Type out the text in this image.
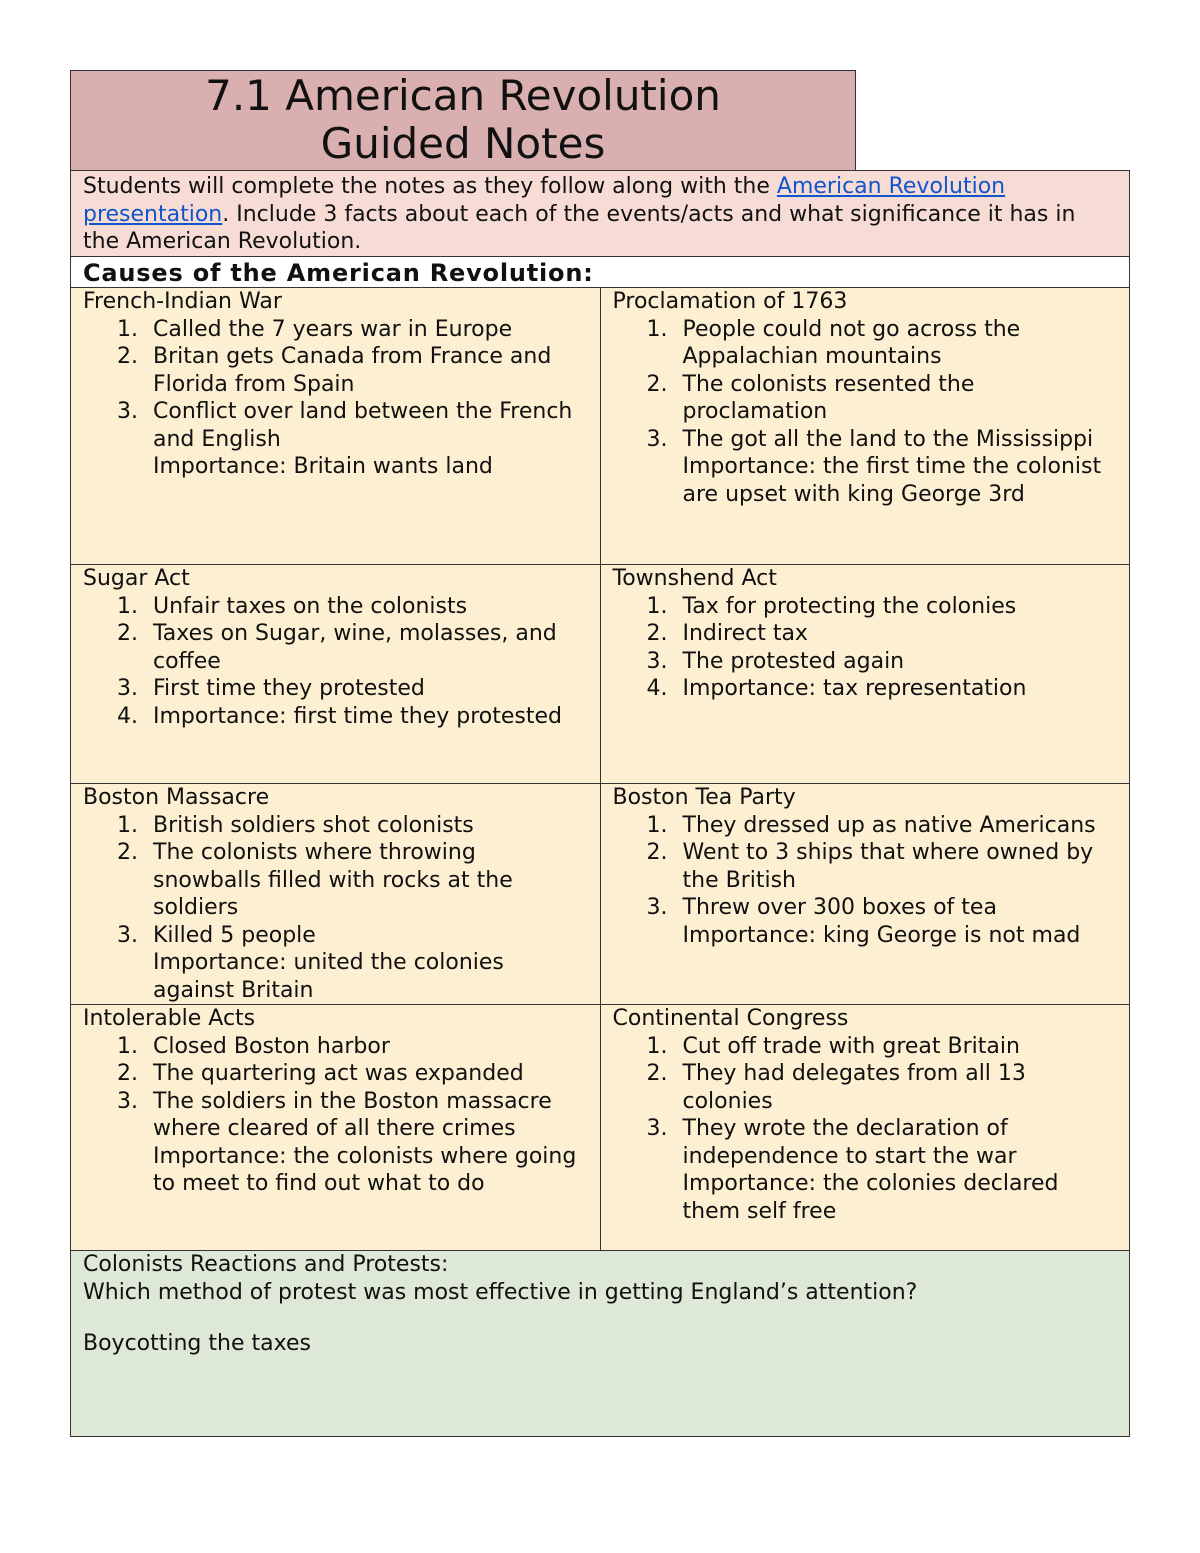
7.1 American Revolution
Guided Notes
Students will complete the notes as they follow along with the American Revolution presentation. Include 3 facts about each of the events/acts and what significance it has in the American Revolution.
Causes of the American Revolution:
French-Indian War
1. Called the 7 years war in Europe
2. Britan gets Canada from France and Florida from Spain
3. Conflict over land between the French and English
Importance: Britain wants land
Proclamation of 1763
1. People could not go across the Appalachian mountains
2. The colonists resented the proclamation
3. The got all the land to the Mississippi
Importance: the first time the colonist are upset with king George 3rd
Sugar Act
1. Unfair taxes on the colonists
2. Taxes on Sugar, wine, molasses, and coffee
3. First time they protested
4. Importance: first time they protested
Townshend Act
1. Tax for protecting the colonies
2. Indirect tax
3. The protested again
4. Importance: tax representation
Boston Massacre
1. British soldiers shot colonists
2. The colonists where throwing snowballs filled with rocks at the soldiers
3. Killed 5 people
Importance: united the colonies against Britain
Boston Tea Party
1. They dressed up as native Americans
2. Went to 3 ships that where owned by the British
3. Threw over 300 boxes of tea
Importance: king George is not mad
Intolerable Acts
1. Closed Boston harbor
2. The quartering act was expanded
3. The soldiers in the Boston massacre where cleared of all there crimes
Importance: the colonists where going to meet to find out what to do
Continental Congress
1. Cut off trade with great Britain
2. They had delegates from all 13 colonies
3. They wrote the declaration of independence to start the war
Importance: the colonies declared them self free
Colonists Reactions and Protests:
Which method of protest was most effective in getting England’s attention?
Boycotting the taxes
